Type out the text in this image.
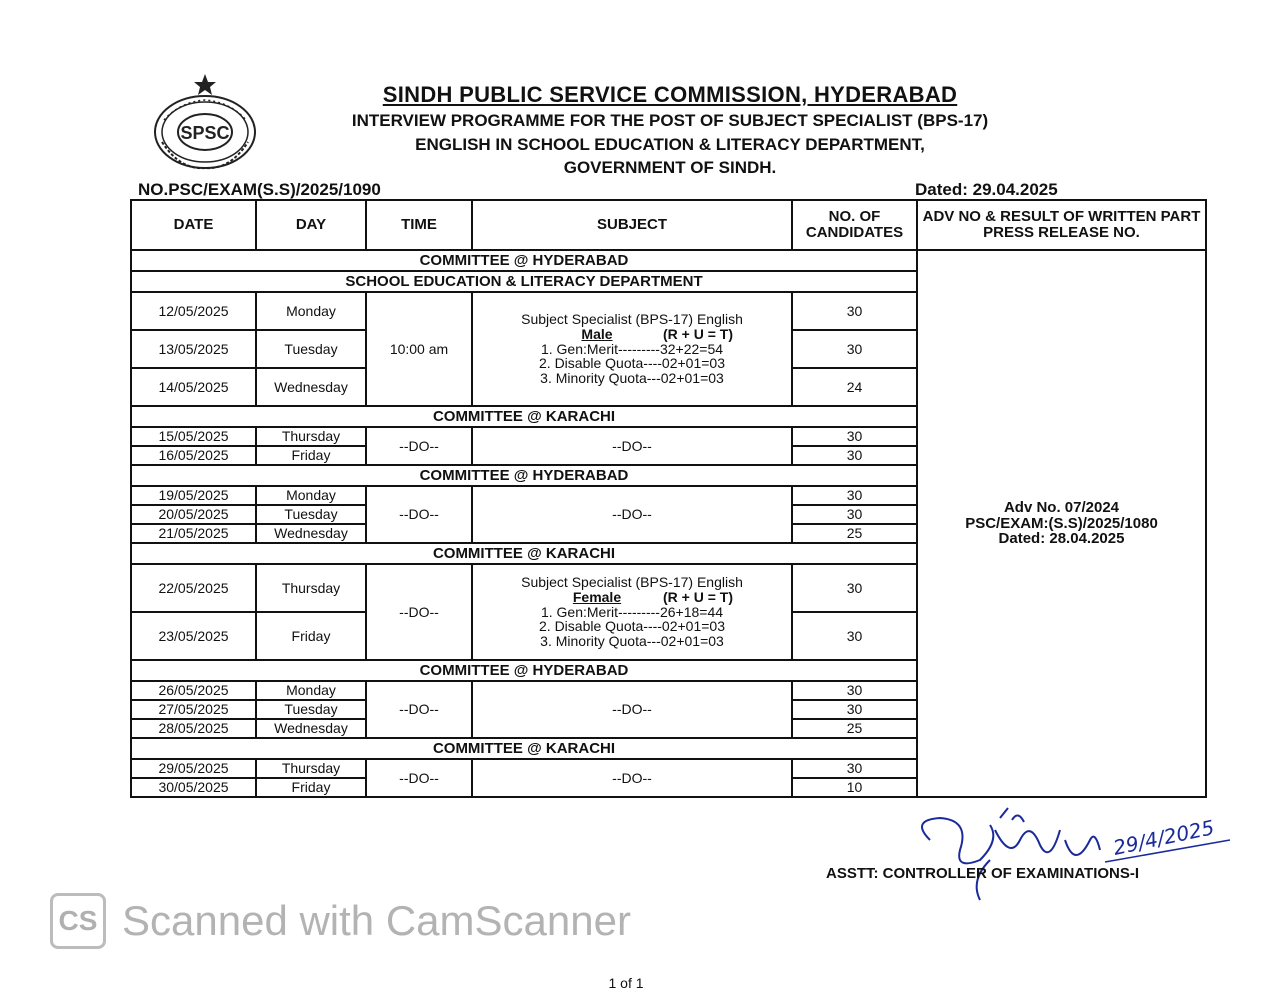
SPSC
SINDH PUBLIC SERVICE COMMISSION, HYDERABAD
INTERVIEW PROGRAMME FOR THE POST OF SUBJECT SPECIALIST (BPS-17)
ENGLISH IN SCHOOL EDUCATION & LITERACY DEPARTMENT,
GOVERNMENT OF SINDH.
NO.PSC/EXAM(S.S)/2025/1090	Dated: 29.04.2025
DATE	DAY	TIME	SUBJECT	NO. OF CANDIDATES	ADV NO & RESULT OF WRITTEN PART PRESS RELEASE NO.
COMMITTEE @ HYDERABAD					Adv No. 07/2024
PSC/EXAM:(S.S)/2025/1080
Dated: 28.04.2025

SCHOOL EDUCATION & LITERACY DEPARTMENT					
12/05/2025	Monday	10:00 am	Subject Specialist (BPS-17) English
Male (R + U = T)
1. Gen:Merit---------32+22=54
2. Disable Quota----02+01=03
3. Minority Quota---02+01=03	30	
13/05/2025	Tuesday			30	
14/05/2025	Wednesday			24	
COMMITTEE @ KARACHI					
15/05/2025	Thursday	--DO--	--DO--	30	
16/05/2025	Friday			30	
COMMITTEE @ HYDERABAD					
19/05/2025	Monday	--DO--	--DO--	30	
20/05/2025	Tuesday			30	
21/05/2025	Wednesday			25	
COMMITTEE @ KARACHI					
22/05/2025	Thursday	--DO--	Subject Specialist (BPS-17) English
Female (R + U = T)
1. Gen:Merit---------26+18=44
2. Disable Quota----02+01=03
3. Minority Quota---02+01=03	30	
23/05/2025	Friday			30	
COMMITTEE @ HYDERABAD					
26/05/2025	Monday	--DO--	--DO--	30	
27/05/2025	Tuesday			30	
28/05/2025	Wednesday			25	
COMMITTEE @ KARACHI					
29/05/2025	Thursday	--DO--	--DO--	30	
30/05/2025	Friday			10	
29/4/2025
ASSTT: CONTROLLER OF EXAMINATIONS-I
CS Scanned with CamScanner
1 of 1
